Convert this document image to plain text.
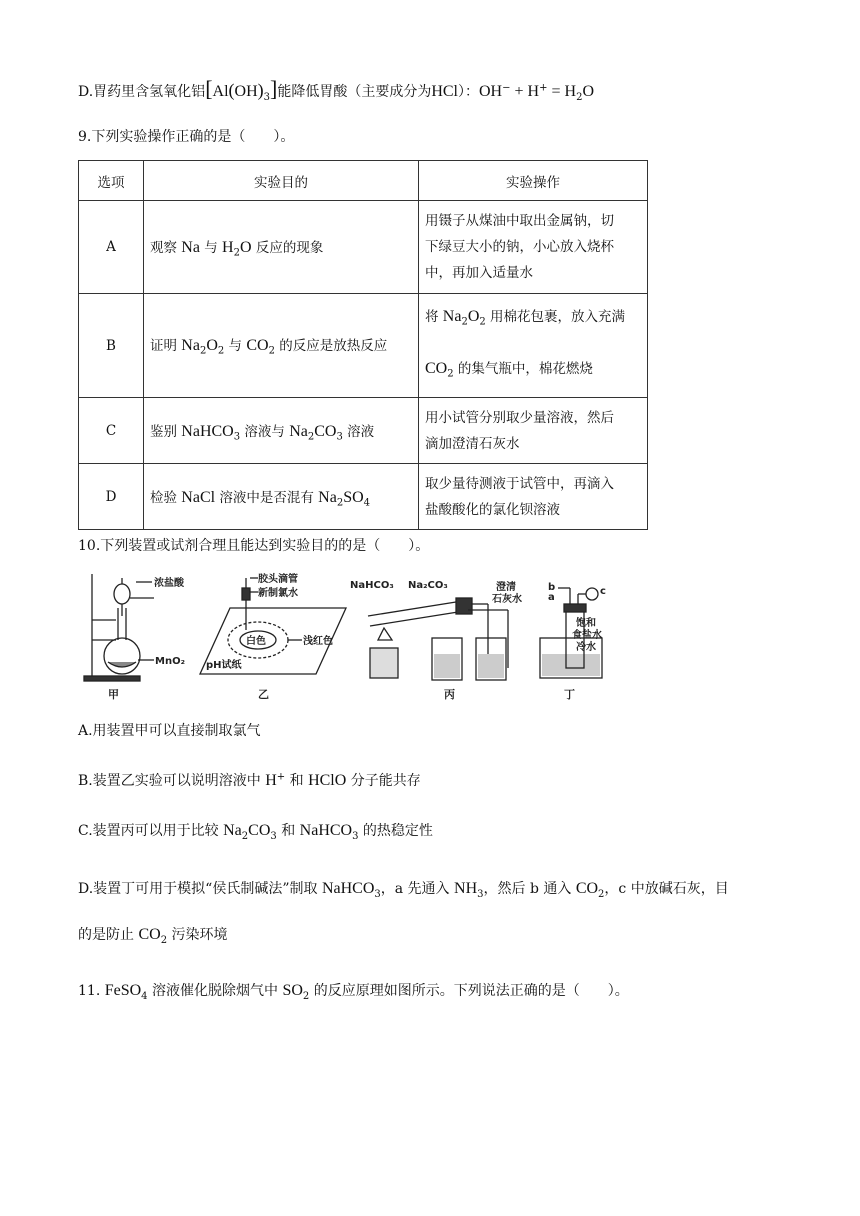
D.胃药里含氢氧化铝$[Al(OH)_3]$能降低胃酸（主要成分为HCl）：$OH^- + H^+ = H_2O$
9.下列实验操作正确的是（　　）。
选项	实验目的	实验操作
A	观察 Na 与 $H_2O$ 反应的现象	用镊子从煤油中取出金属钠，切
下绿豆大小的钠，小心放入烧杯
中，再加入适量水

B	证明 $Na_2O_2$ 与 $CO_2$ 的反应是放热反应	将 $Na_2O_2$ 用棉花包裹，放入充满
$CO_2$ 的集气瓶中，棉花燃烧

C	鉴别 NaHCO$_3$ 溶液与 $Na_2CO_3$ 溶液	用小试管分别取少量溶液，然后
滴加澄清石灰水

D	检验 NaCl 溶液中是否混有 $Na_2SO_4$	取少量待测液于试管中，再滴入
盐酸酸化的氯化钡溶液
10.下列装置或试剂合理且能达到实验目的的是（　　）。
浓盐酸
MnO₂
甲
胶头滴管
新制氯水
白色	浅红色
pH试纸
乙
NaHCO₃ Na₂CO₃	澄清
石灰水
丙
b
a
c
饱和
食盐水
冷水
丁
A.用装置甲可以直接制取氯气
B.装置乙实验可以说明溶液中 H+ 和 HClO 分子能共存
C.装置丙可以用于比较 $Na_2CO_3$ 和 NaHCO$_3$ 的热稳定性
D.装置丁可用于模拟“侯氏制碱法”制取 NaHCO$_3$，a 先通入 $NH_3$，然后 b 通入 $CO_2$，c 中放碱石灰，目
的是防止 $CO_2$ 污染环境
11. FeSO$_4$ 溶液催化脱除烟气中 $SO_2$ 的反应原理如图所示。下列说法正确的是（　　）。
